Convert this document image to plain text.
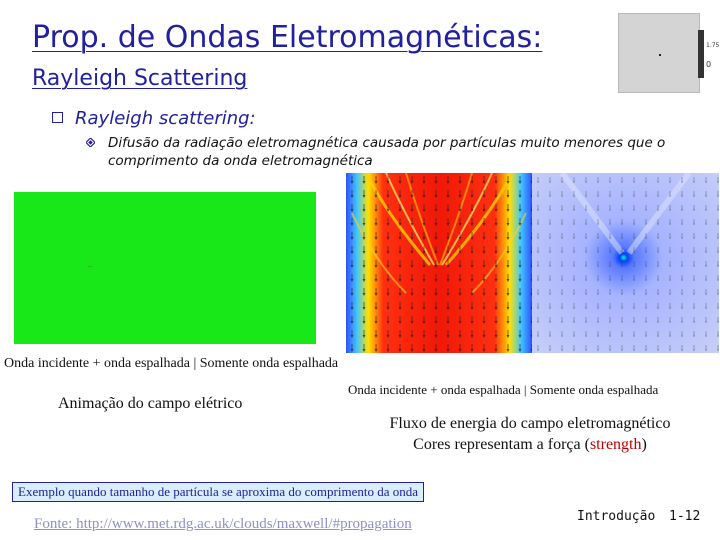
Prop. de Ondas Eletromagnéticas:
Rayleigh Scattering
1.75
0
Rayleigh scattering:
Difusão da radiação eletromagnética causada por partículas muito menores que o comprimento da onda eletromagnética
··
Onda incidente + onda espalhada | Somente onda espalhada
Onda incidente + onda espalhada | Somente onda espalhada
Animação do campo elétrico
Fluxo de energia do campo eletromagnético
Cores representam a força (strength)
Exemplo quando tamanho de partícula se aproxima do comprimento da onda
Fonte: http://www.met.rdg.ac.uk/clouds/maxwell/#propagation	Introdução 1-12
